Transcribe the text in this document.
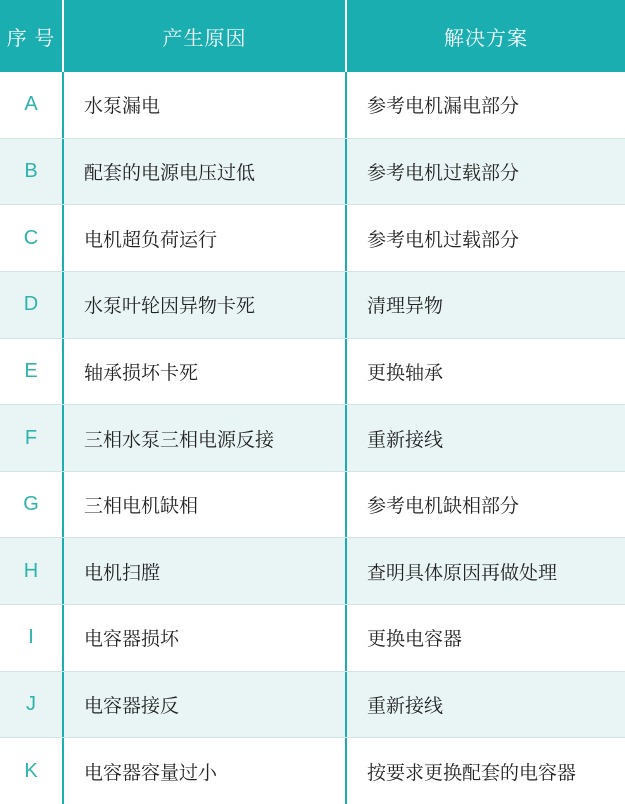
序 号	产生原因	解决方案
A	水泵漏电	参考电机漏电部分
B	配套的电源电压过低	参考电机过载部分
C	电机超负荷运行	参考电机过载部分
D	水泵叶轮因异物卡死	清理异物
E	轴承损坏卡死	更换轴承
F	三相水泵三相电源反接	重新接线
G	三相电机缺相	参考电机缺相部分
H	电机扫膛	查明具体原因再做处理
I	电容器损坏	更换电容器
J	电容器接反	重新接线
K	电容器容量过小	按要求更换配套的电容器
